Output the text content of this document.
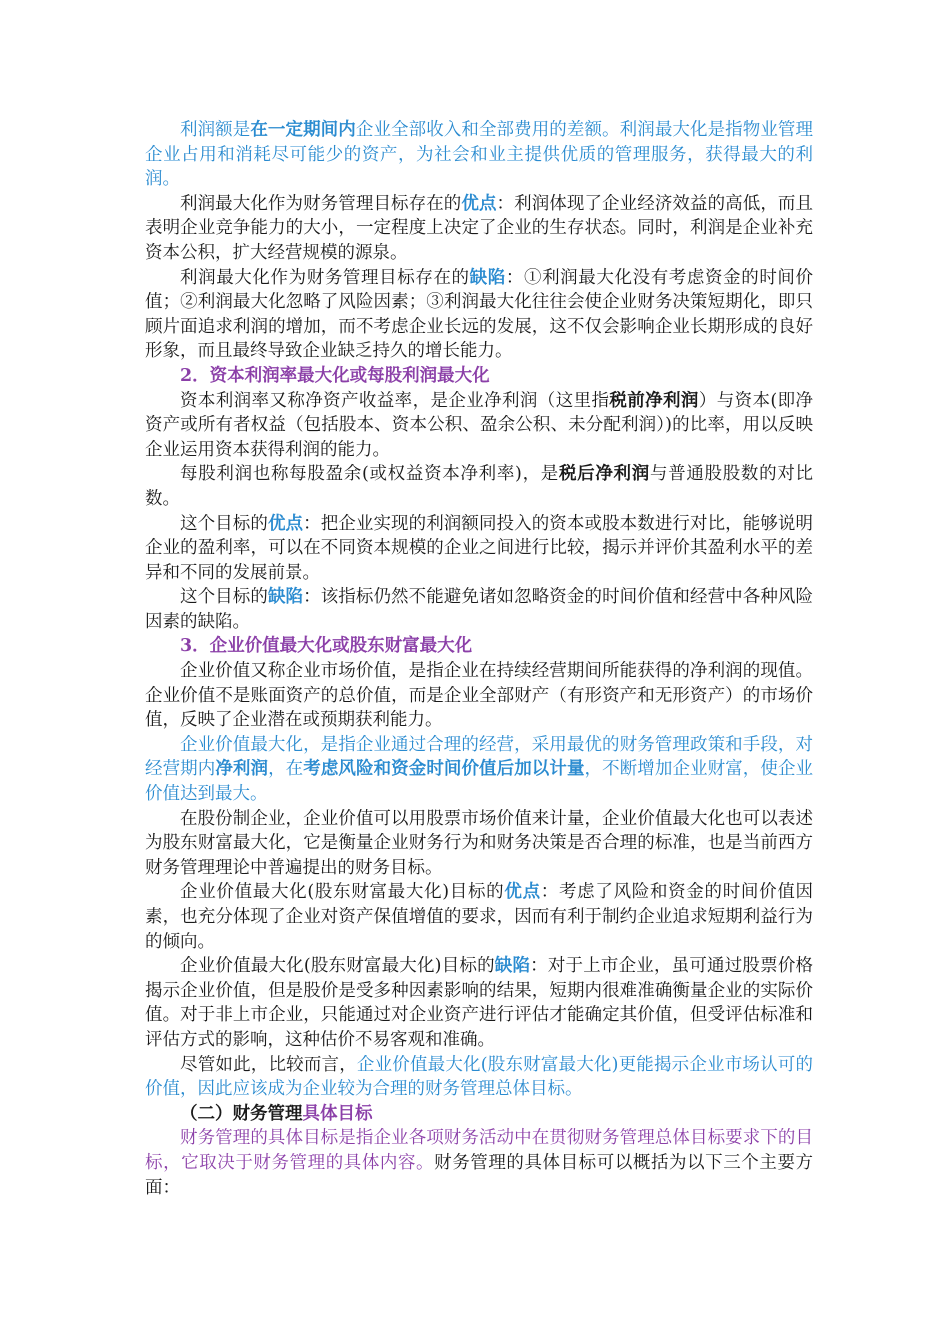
利润额是在一定期间内企业全部收入和全部费用的差额。利润最大化是指物业管理企业占用和消耗尽可能少的资产，为社会和业主提供优质的管理服务，获得最大的利润。

利润最大化作为财务管理目标存在的优点：利润体现了企业经济效益的高低，而且表明企业竞争能力的大小，一定程度上决定了企业的生存状态。同时，利润是企业补充资本公积，扩大经营规模的源泉。

利润最大化作为财务管理目标存在的缺陷：①利润最大化没有考虑资金的时间价值；②利润最大化忽略了风险因素；③利润最大化往往会使企业财务决策短期化，即只顾片面追求利润的增加，而不考虑企业长远的发展，这不仅会影响企业长期形成的良好形象，而且最终导致企业缺乏持久的增长能力。

2．资本利润率最大化或每股利润最大化

资本利润率又称净资产收益率，是企业净利润（这里指税前净利润）与资本(即净资产或所有者权益（包括股本、资本公积、盈余公积、未分配利润）)的比率，用以反映企业运用资本获得利润的能力。

每股利润也称每股盈余(或权益资本净利率)，是税后净利润与普通股股数的对比数。

这个目标的优点：把企业实现的利润额同投入的资本或股本数进行对比，能够说明企业的盈利率，可以在不同资本规模的企业之间进行比较，揭示并评价其盈利水平的差异和不同的发展前景。

这个目标的缺陷：该指标仍然不能避免诸如忽略资金的时间价值和经营中各种风险因素的缺陷。

3．企业价值最大化或股东财富最大化

企业价值又称企业市场价值，是指企业在持续经营期间所能获得的净利润的现值。企业价值不是账面资产的总价值，而是企业全部财产（有形资产和无形资产）的市场价值，反映了企业潜在或预期获利能力。

企业价值最大化，是指企业通过合理的经营，采用最优的财务管理政策和手段，对经营期内净利润，在考虑风险和资金时间价值后加以计量，不断增加企业财富，使企业价值达到最大。

在股份制企业，企业价值可以用股票市场价值来计量，企业价值最大化也可以表述为股东财富最大化，它是衡量企业财务行为和财务决策是否合理的标准，也是当前西方财务管理理论中普遍提出的财务目标。

企业价值最大化(股东财富最大化)目标的优点：考虑了风险和资金的时间价值因素，也充分体现了企业对资产保值增值的要求，因而有利于制约企业追求短期利益行为的倾向。

企业价值最大化(股东财富最大化)目标的缺陷：对于上市企业，虽可通过股票价格揭示企业价值，但是股价是受多种因素影响的结果，短期内很难准确衡量企业的实际价值。对于非上市企业，只能通过对企业资产进行评估才能确定其价值，但受评估标准和评估方式的影响，这种估价不易客观和准确。

尽管如此，比较而言，企业价值最大化(股东财富最大化)更能揭示企业市场认可的价值，因此应该成为企业较为合理的财务管理总体目标。

（二）财务管理具体目标

财务管理的具体目标是指企业各项财务活动中在贯彻财务管理总体目标要求下的目标，它取决于财务管理的具体内容。财务管理的具体目标可以概括为以下三个主要方面：
